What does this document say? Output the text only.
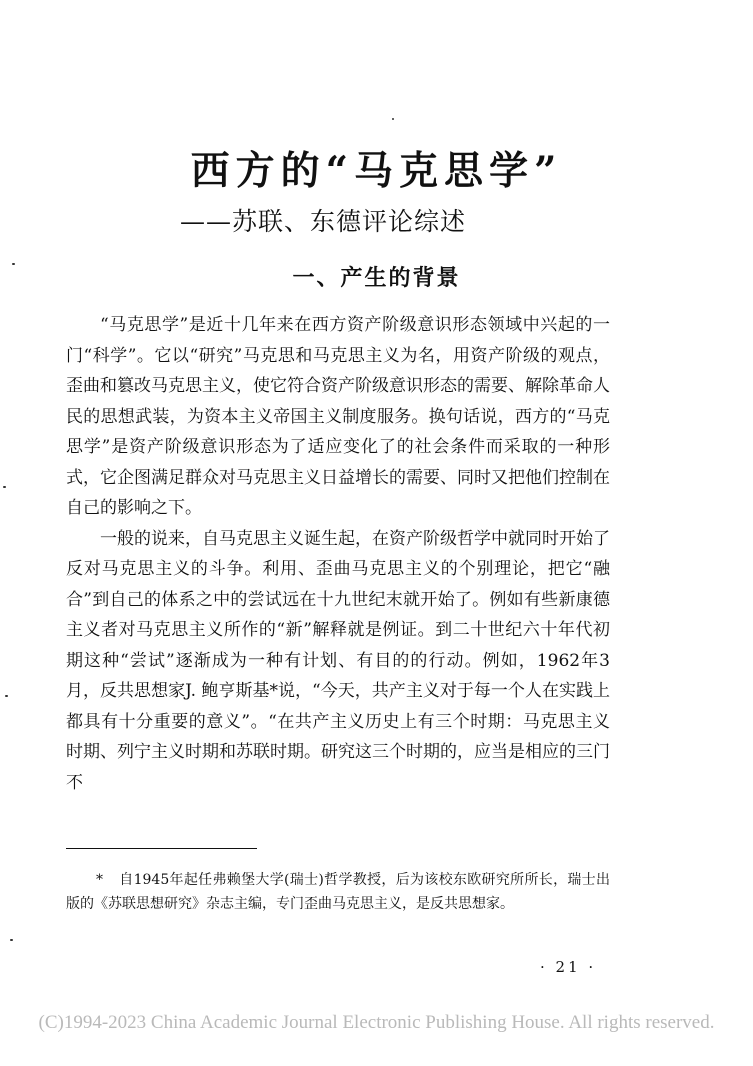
西方的“马克思学”
——苏联、东德评论综述
一、产生的背景

“马克思学”是近十几年来在西方资产阶级意识形态领域中兴起的一门“科学”。它以“研究”马克思和马克思主义为名，用资产阶级的观点，歪曲和篡改马克思主义，使它符合资产阶级意识形态的需要、解除革命人民的思想武装，为资本主义帝国主义制度服务。换句话说，西方的“马克思学”是资产阶级意识形态为了适应变化了的社会条件而采取的一种形式，它企图满足群众对马克思主义日益增长的需要、同时又把他们控制在自己的影响之下。

一般的说来，自马克思主义诞生起，在资产阶级哲学中就同时开始了反对马克思主义的斗争。利用、歪曲马克思主义的个别理论，把它“融合”到自己的体系之中的尝试远在十九世纪末就开始了。例如有些新康德主义者对马克思主义所作的“新”解释就是例证。到二十世纪六十年代初期这种“尝试”逐渐成为一种有计划、有目的的行动。例如，1962年3月，反共思想家J. 鲍亨斯基*说，“今天，共产主义对于每一个人在实践上都具有十分重要的意义”。“在共产主义历史上有三个时期：马克思主义时期、列宁主义时期和苏联时期。研究这三个时期的，应当是相应的三门不

* 自1945年起任弗赖堡大学(瑞士)哲学教授，后为该校东欧研究所所长，瑞士出版的《苏联思想研究》杂志主编，专门歪曲马克思主义，是反共思想家。
· 21 ·
(C)1994-2023 China Academic Journal Electronic Publishing House. All rights reserved.
